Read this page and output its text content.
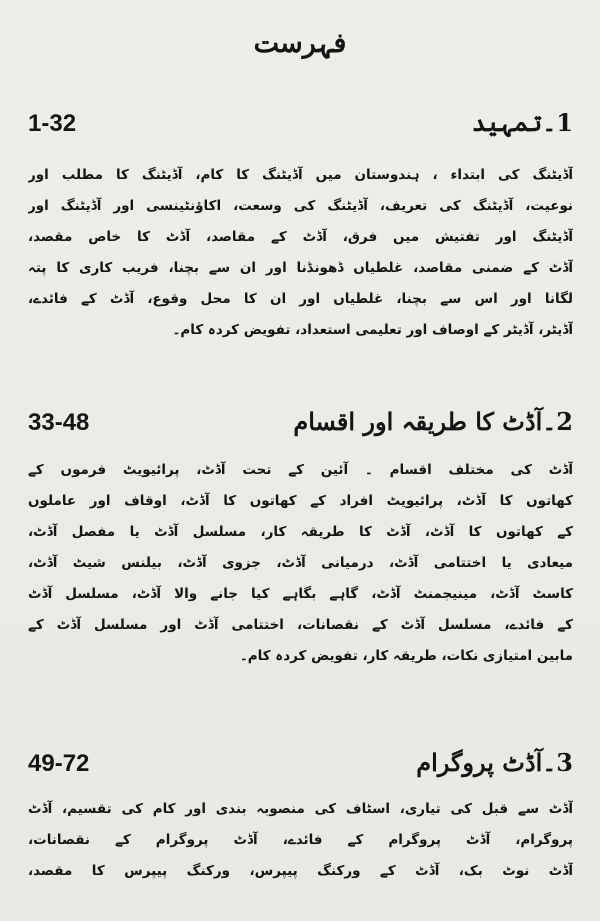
فہرست
1۔تمہید
1-32
آڈیٹنگ کی ابتداء ، ہندوستان میں آڈیٹنگ کا کام، آڈیٹنگ کا مطلب اور
نوعیت، آڈیٹنگ کی تعریف، آڈیٹنگ کی وسعت، اکاؤنٹینسی اور آڈیٹنگ اور
آڈیٹنگ اور تفتیش میں فرق، آڈٹ کے مقاصد، آڈٹ کا خاص مقصد،
آڈٹ کے ضمنی مقاصد، غلطیاں ڈھونڈنا اور ان سے بچنا، فریب کاری کا پتہ
لگانا اور اس سے بچنا، غلطیاں اور ان کا محل وقوع، آڈٹ کے فائدے،
آڈیٹر، آڈیٹر کے اوصاف اور تعلیمی استعداد، تفویض کردہ کام۔
2۔آڈٹ کا طریقہ اور اقسام
33-48
آڈٹ کی مختلف اقسام ۔ آئین کے تحت آڈٹ، پرائیویٹ فرموں کے
کھاتوں کا آڈٹ، پرائیویٹ افراد کے کھاتوں کا آڈٹ، اوقاف اور عاملوں
کے کھاتوں کا آڈٹ، آڈٹ کا طریقہ کار، مسلسل آڈٹ یا مفصل آڈٹ،
میعادی یا اختتامی آڈٹ، درمیانی آڈٹ، جزوی آڈٹ، بیلنس شیٹ آڈٹ،
کاسٹ آڈٹ، مینیجمنٹ آڈٹ، گاہے بگاہے کیا جانے والا آڈٹ، مسلسل آڈٹ
کے فائدے، مسلسل آڈٹ کے نقصانات، اختتامی آڈٹ اور مسلسل آڈٹ کے
مابین امتیازی نکات، طریقہ کار، تفویض کردہ کام۔
3۔آڈٹ پروگرام
49-72
آڈٹ سے قبل کی تیاری، اسٹاف کی منصوبہ بندی اور کام کی تقسیم، آڈٹ
پروگرام، آڈٹ پروگرام کے فائدے، آڈٹ پروگرام کے نقصانات،
آڈٹ نوٹ بک، آڈٹ کے ورکنگ پیپرس، ورکنگ پیپرس کا مقصد،
